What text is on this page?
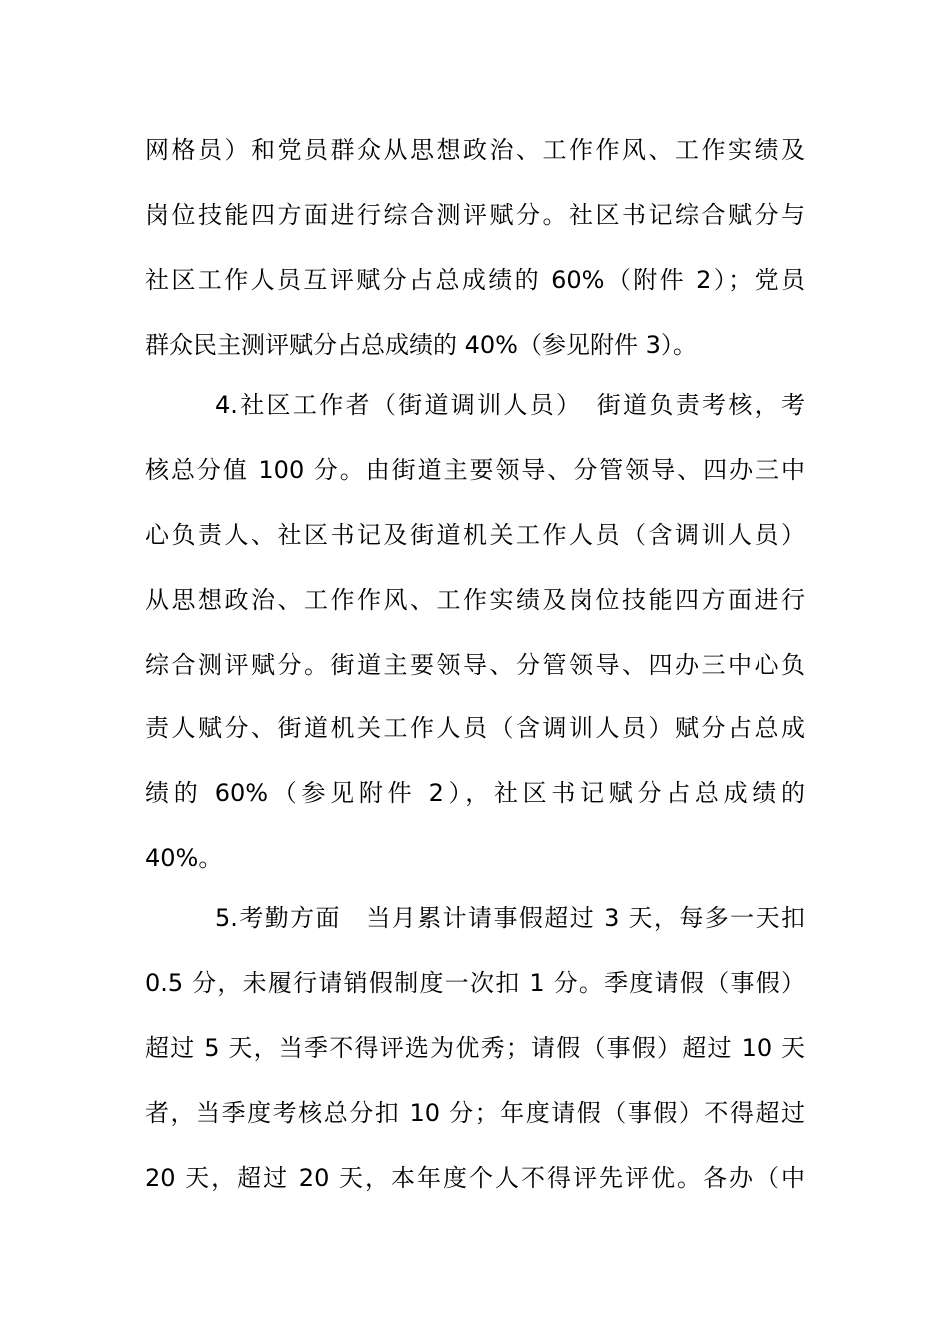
网格员）和党员群众从思想政治、工作作风、工作实绩及
岗位技能四方面进行综合测评赋分。社区书记综合赋分与
社区工作人员互评赋分占总成绩的 60%（附件 2）；党员
群众民主测评赋分占总成绩的 40%（参见附件 3）。
4.社区工作者（街道调训人员）　街道负责考核，考
核总分值 100 分。由街道主要领导、分管领导、四办三中
心负责人、社区书记及街道机关工作人员（含调训人员）
从思想政治、工作作风、工作实绩及岗位技能四方面进行
综合测评赋分。街道主要领导、分管领导、四办三中心负
责人赋分、街道机关工作人员（含调训人员）赋分占总成
绩的 60%（参见附件 2），社区书记赋分占总成绩的
40%。
5.考勤方面　当月累计请事假超过 3 天，每多一天扣
0.5 分，未履行请销假制度一次扣 1 分。季度请假（事假）
超过 5 天，当季不得评选为优秀；请假（事假）超过 10 天
者，当季度考核总分扣 10 分；年度请假（事假）不得超过
20 天，超过 20 天，本年度个人不得评先评优。各办（中
